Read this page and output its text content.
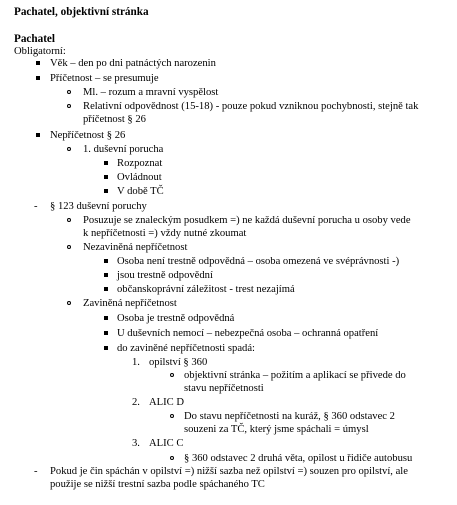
Pachatel, objektivní stránka
Pachatel
Obligatorní:
Věk – den po dni patnáctých narozenin
Příčetnost – se presumuje
Ml. – rozum a mravní vyspělost
Relativní odpovědnost (15-18) - pouze pokud vzniknou pochybnosti, stejně tak
příčetnost § 26
Nepříčetnost § 26
1. duševní porucha
Rozpoznat
Ovládnout
V době TČ
- § 123 duševní poruchy
Posuzuje se znaleckým posudkem =) ne každá duševní porucha u osoby vede
k nepříčetnosti =) vždy nutné zkoumat
Nezaviněná nepříčetnost
Osoba není trestně odpovědná – osoba omezená ve svéprávnosti -)
jsou trestně odpovědní
občanskoprávní záležitost - trest nezajímá
Zaviněná nepříčetnost
Osoba je trestně odpovědná
U duševních nemocí – nebezpečná osoba – ochranná opatření
do zaviněné nepříčetnosti spadá:
1. opilství § 360
objektivní stránka – požitím a aplikací se přivede do
stavu nepříčetnosti
2. ALIC D
Do stavu nepříčetnosti na kuráž, § 360 odstavec 2
souzeni za TČ, který jsme spáchali = úmysl
3. ALIC C
§ 360 odstavec 2 druhá věta, opilost u řidiče autobusu
- Pokud je čin spáchán v opilství =) nižší sazba než opilství =) souzen pro opilství, ale
použije se nižší trestní sazba podle spáchaného TC
